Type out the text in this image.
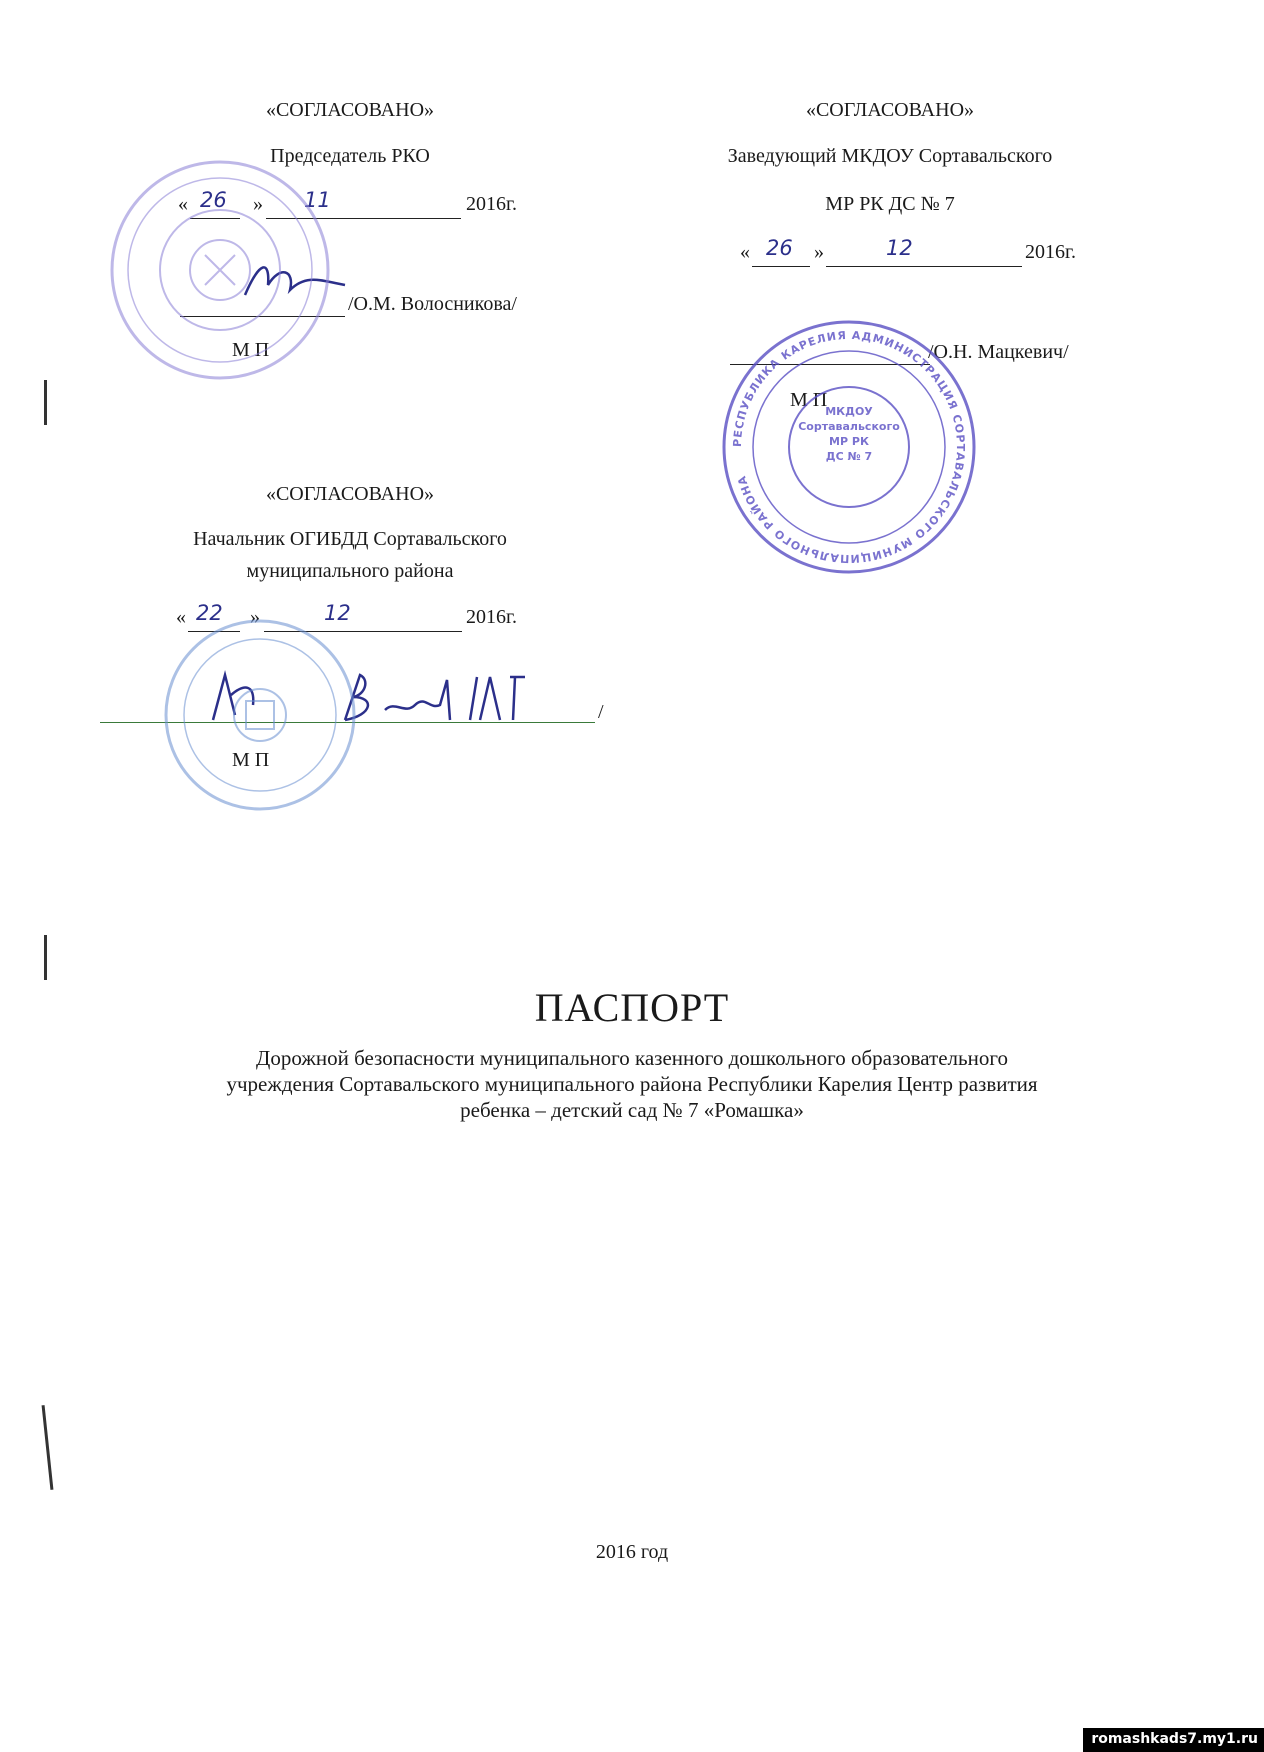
«СОГЛАСОВАНО»
Председатель РКО
« 26 » 11	2016г.
/О.М. Волосникова/
М П
«СОГЛАСОВАНО»
Заведующий МКДОУ Сортавальского
МР РК ДС № 7
« 26 »	12	2016г.
/О.Н. Мацкевич/
М П
РЕСПУБЛИКА КАРЕЛИЯ АДМИНИСТРАЦИЯ СОРТАВАЛЬСКОГО МУНИЦИПАЛЬНОГО РАЙОНА
МКДОУ
Сортавальского
МР РК
ДС № 7
«СОГЛАСОВАНО»
Начальник ОГИБДД Сортавальского
муниципального района
« 22 »	12	2016г.
/
М П
ПАСПОРТ
Дорожной безопасности муниципального казенного дошкольного образовательного
учреждения Сортавальского муниципального района Республики Карелия Центр развития
ребенка – детский сад № 7 «Ромашка»
2016 год
romashkads7.my1.ru
